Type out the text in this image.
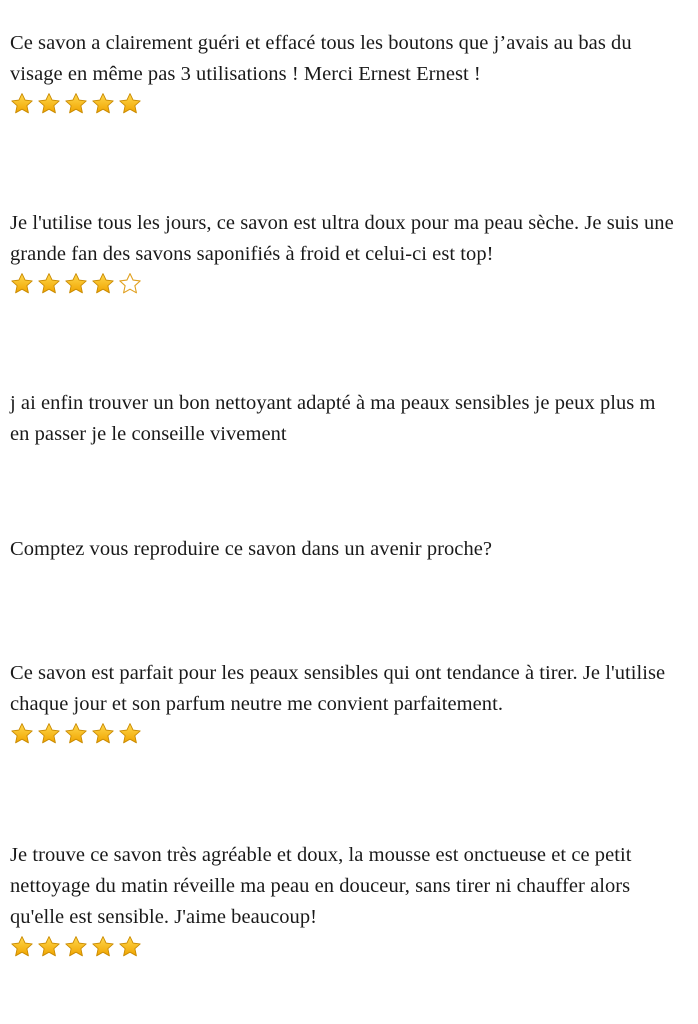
Ce savon a clairement guéri et effacé tous les boutons que j’avais au bas du visage en même pas 3 utilisations ! Merci Ernest Ernest !

Je l'utilise tous les jours, ce savon est ultra doux pour ma peau sèche. Je suis une grande fan des savons saponifiés à froid et celui-ci est top!

j ai enfin trouver un bon nettoyant adapté à ma peaux sensibles je peux plus m en passer je le conseille vivement

Comptez vous reproduire ce savon dans un avenir proche?

Ce savon est parfait pour les peaux sensibles qui ont tendance à tirer. Je l'utilise chaque jour et son parfum neutre me convient parfaitement.

Je trouve ce savon très agréable et doux, la mousse est onctueuse et ce petit nettoyage du matin réveille ma peau en douceur, sans tirer ni chauffer alors qu'elle est sensible. J'aime beaucoup!
